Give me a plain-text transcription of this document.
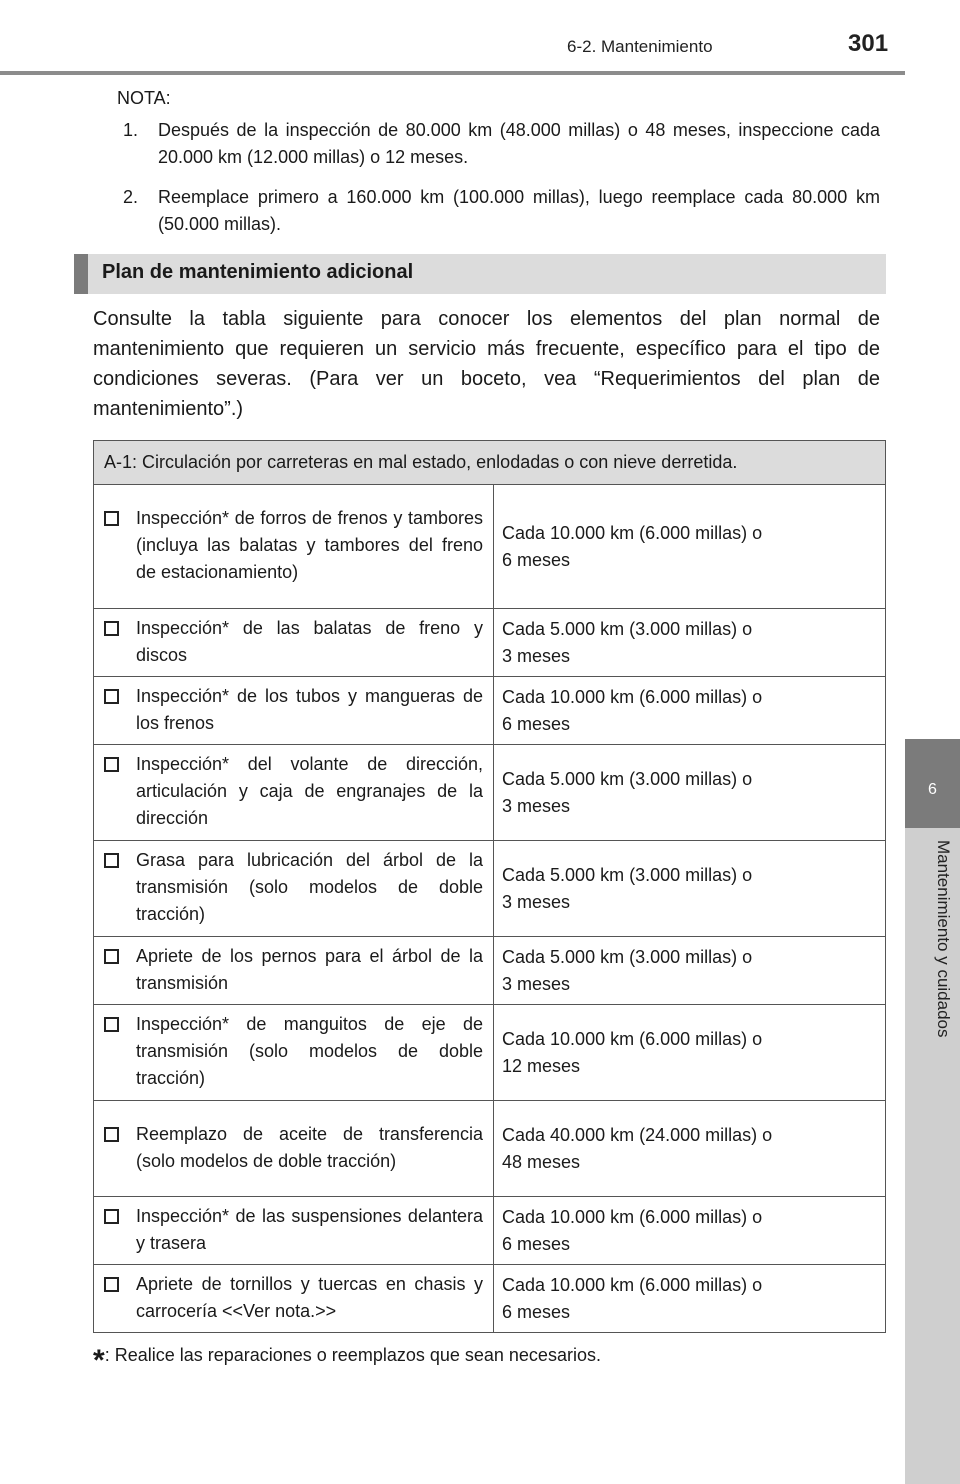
6-2. Mantenimiento	301
6
Mantenimiento y cuidados
NOTA:
1. Después de la inspección de 80.000 km (48.000 millas) o 48 meses, inspeccione cada 20.000 km (12.000 millas) o 12 meses.
2. Reemplace primero a 160.000 km (100.000 millas), luego reemplace cada 80.000 km (50.000 millas).
Plan de mantenimiento adicional
Consulte la tabla siguiente para conocer los elementos del plan normal de mantenimiento que requieren un servicio más frecuente, específico para el tipo de condiciones severas. (Para ver un boceto, vea “Requerimientos del plan de mantenimiento”.)
A-1: Circulación por carreteras en mal estado, enlodadas o con nieve derretida.	

Inspección* de forros de frenos y tambores (incluya las balatas y tambores del freno de estacionamiento)	Cada 10.000 km (6.000 millas) o
6 meses

Inspección* de las balatas de freno y discos	Cada 5.000 km (3.000 millas) o
3 meses

Inspección* de los tubos y mangueras de los frenos	Cada 10.000 km (6.000 millas) o
6 meses

Inspección* del volante de dirección, articulación y caja de engranajes de la dirección	Cada 5.000 km (3.000 millas) o
3 meses

Grasa para lubricación del árbol de la transmisión (solo modelos de doble tracción)	Cada 5.000 km (3.000 millas) o
3 meses

Apriete de los pernos para el árbol de la transmisión	Cada 5.000 km (3.000 millas) o
3 meses

Inspección* de manguitos de eje de transmisión (solo modelos de doble tracción)	Cada 10.000 km (6.000 millas) o
12 meses

Reemplazo de aceite de transferencia (solo modelos de doble tracción)	Cada 40.000 km (24.000 millas) o
48 meses

Inspección* de las suspensiones delantera y trasera	Cada 10.000 km (6.000 millas) o
6 meses

Apriete de tornillos y tuercas en chasis y carrocería <<Ver nota.>>	Cada 10.000 km (6.000 millas) o
6 meses
*: Realice las reparaciones o reemplazos que sean necesarios.
